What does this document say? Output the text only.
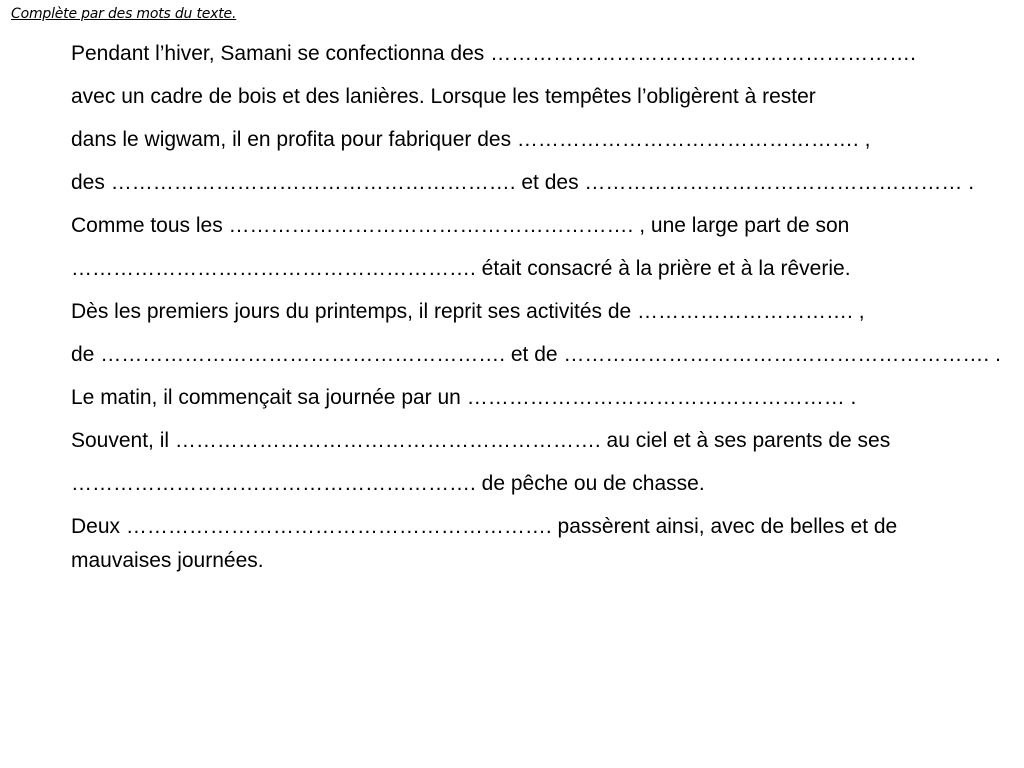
Complète par des mots du texte.
Pendant l’hiver, Samani se confectionna des …………………………………………………….
avec un cadre de bois et des lanières. Lorsque les tempêtes l’obligèrent à rester
dans le wigwam, il en profita pour fabriquer des …………………………………………. ,
des …………………………………………………. et des ……………………………………………… .
Comme tous les …………………………………………………. , une large part de son
…………………………………………………. était consacré à la prière et à la rêverie.
Dès les premiers jours du printemps, il reprit ses activités de …………………………. ,
de …………………………………………………. et de ……………………………………………………. .
Le matin, il commençait sa journée par un ……………………………………………… .
Souvent, il ……………………………………………………. au ciel et à ses parents de ses
…………………………………………………. de pêche ou de chasse.
Deux ……………………………………………………. passèrent ainsi, avec de belles et de
mauvaises journées.
